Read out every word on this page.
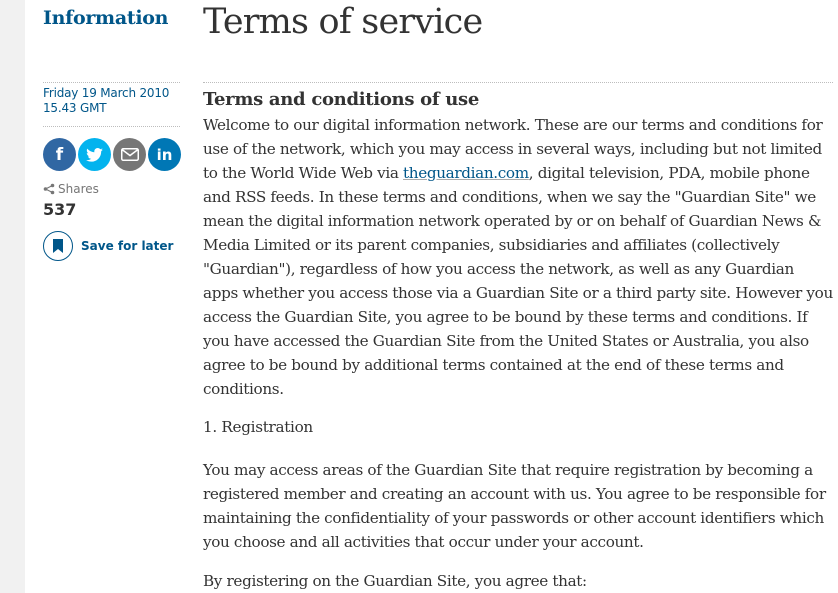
Information
Friday 19 March 2010
15.43 GMT
f	in
Shares
537
Save for later
Terms of service
Terms and conditions of use

Welcome to our digital information network. These are our terms and conditions for use of the network, which you may access in several ways, including but not limited to the World Wide Web via theguardian.com, digital television, PDA, mobile phone and RSS feeds. In these terms and conditions, when we say the "Guardian Site" we mean the digital information network operated by or on behalf of Guardian News & Media Limited or its parent companies, subsidiaries and affiliates (collectively "Guardian"), regardless of how you access the network, as well as any Guardian apps whether you access those via a Guardian Site or a third party site. However you access the Guardian Site, you agree to be bound by these terms and conditions. If you have accessed the Guardian Site from the United States or Australia, you also agree to be bound by additional terms contained at the end of these terms and conditions.

1. Registration

You may access areas of the Guardian Site that require registration by becoming a registered member and creating an account with us. You agree to be responsible for maintaining the confidentiality of your passwords or other account identifiers which you choose and all activities that occur under your account.

By registering on the Guardian Site, you agree that:
